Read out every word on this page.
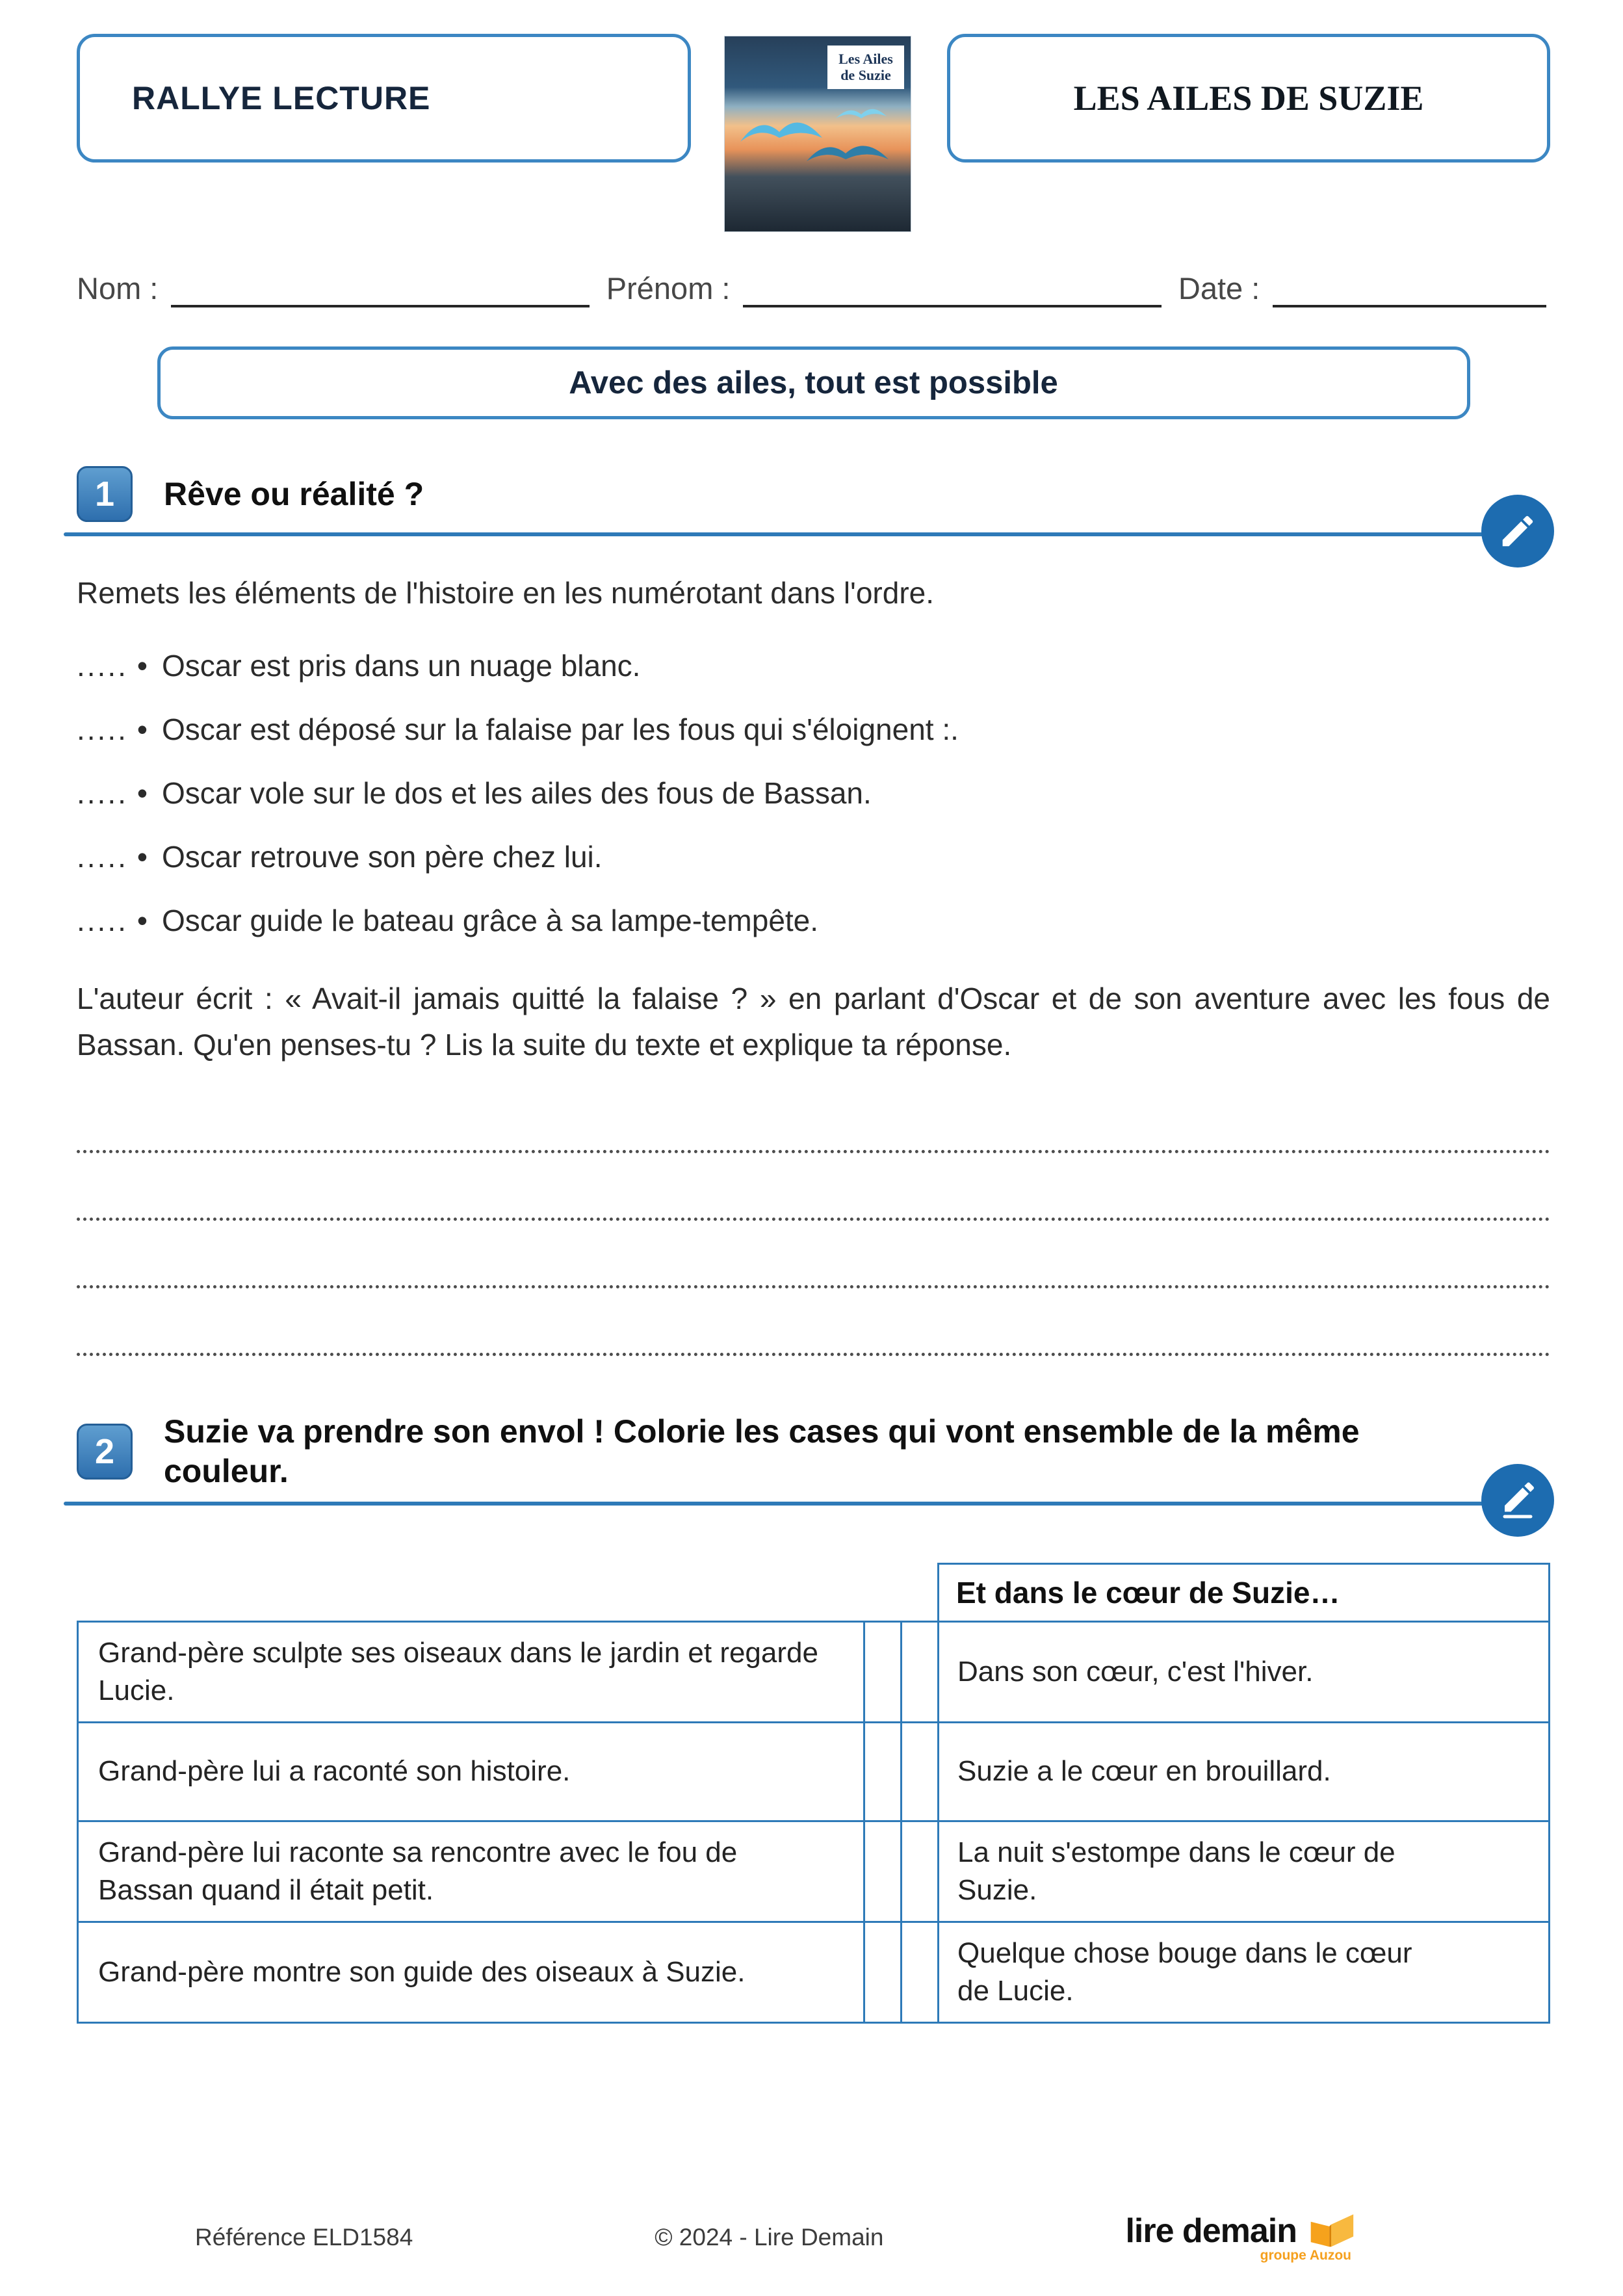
RALLYE LECTURE
Les Ailes de Suzie
LES AILES DE SUZIE
Nom :	Prénom :	Date :
Avec des ailes, tout est possible
1	Rêve ou réalité ?

Remets les éléments de l'histoire en les numérotant dans l'ordre.

..... • Oscar est pris dans un nuage blanc.
..... • Oscar est déposé sur la falaise par les fous qui s'éloignent :.
..... • Oscar vole sur le dos et les ailes des fous de Bassan.
..... • Oscar retrouve son père chez lui.
..... • Oscar guide le bateau grâce à sa lampe-tempête.

L'auteur écrit : « Avait-il jamais quitté la falaise ? » en parlant d'Oscar et de son aventure avec les fous de Bassan. Qu'en penses-tu ? Lis la suite du texte et explique ta réponse.

2
Suzie va prendre son envol ! Colorie les cases qui vont ensemble de la même couleur.
			Et dans le cœur de Suzie…
Grand-père sculpte ses oiseaux dans le jardin et regarde Lucie.			Dans son cœur, c'est l'hiver.
Grand-père lui a raconté son histoire.			Suzie a le cœur en brouillard.
Grand-père lui raconte sa rencontre avec le fou de Bassan quand il était petit.			La nuit s'estompe dans le cœur de Suzie.
Grand-père montre son guide des oiseaux à Suzie.			Quelque chose bouge dans le cœur de Lucie.
Référence ELD1584	© 2024 - Lire Demain	lire demain
groupe Auzou
